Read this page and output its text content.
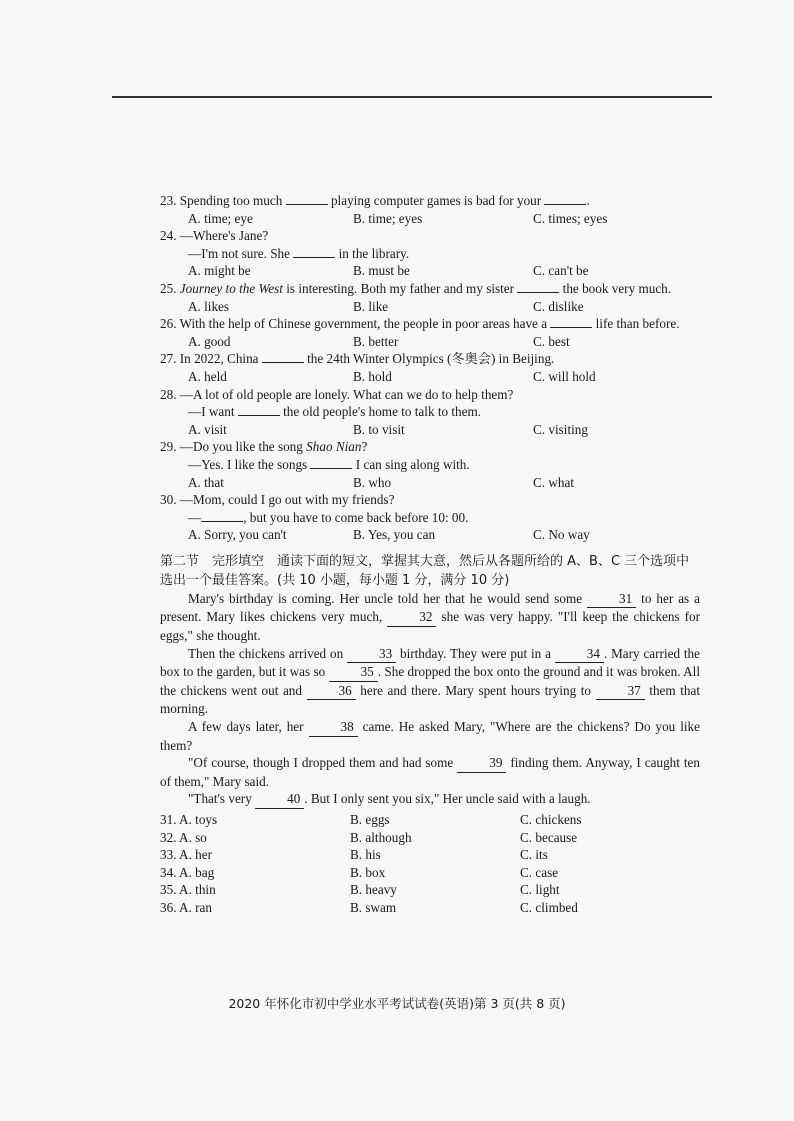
23. Spending too much	playing computer games is bad for your	.
A. time; eye	B. time; eyes	C. times; eyes
24. —Where's Jane?
—I'm not sure. She	in the library.
A. might be	B. must be	C. can't be
25. Journey to the West is interesting. Both my father and my sister	the book very much.
A. likes	B. like	C. dislike
26. With the help of Chinese government, the people in poor areas have a	life than before.
A. good	B. better	C. best
27. In 2022, China	the 24th Winter Olympics (冬奥会) in Beijing.
A. held	B. hold	C. will hold
28. —A lot of old people are lonely. What can we do to help them?
—I want	the old people's home to talk to them.
A. visit	B. to visit	C. visiting
29. —Do you like the song Shao Nian?
—Yes. I like the songs	I can sing along with.
A. that	B. who	C. what
30. —Mom, could I go out with my friends?
—	, but you have to come back before 10: 00.
A. Sorry, you can't	B. Yes, you can	C. No way
第二节　完形填空　通读下面的短文，掌握其大意，然后从各题所给的 A、B、C 三个选项中选出一个最佳答案。(共 10 小题，每小题 1 分，满分 10 分)
Mary's birthday is coming. Her uncle told her that he would send some 31 to her as a present. Mary likes chickens very much, 32 she was very happy. "I'll keep the chickens for eggs," she thought.
Then the chickens arrived on 33 birthday. They were put in a 34 . Mary carried the box to the garden, but it was so 35 . She dropped the box onto the ground and it was broken. All the chickens went out and 36 here and there. Mary spent hours trying to 37 them that morning.
A few days later, her 38 came. He asked Mary, "Where are the chickens? Do you like them?
"Of course, though I dropped them and had some 39 finding them. Anyway, I caught ten of them," Mary said.
"That's very 40 . But I only sent you six," Her uncle said with a laugh.
31. A. toys	B. eggs	C. chickens
32. A. so	B. although	C. because
33. A. her	B. his	C. its
34. A. bag	B. box	C. case
35. A. thin	B. heavy	C. light
36. A. ran	B. swam	C. climbed
2020 年怀化市初中学业水平考试试卷(英语)第 3 页(共 8 页)
